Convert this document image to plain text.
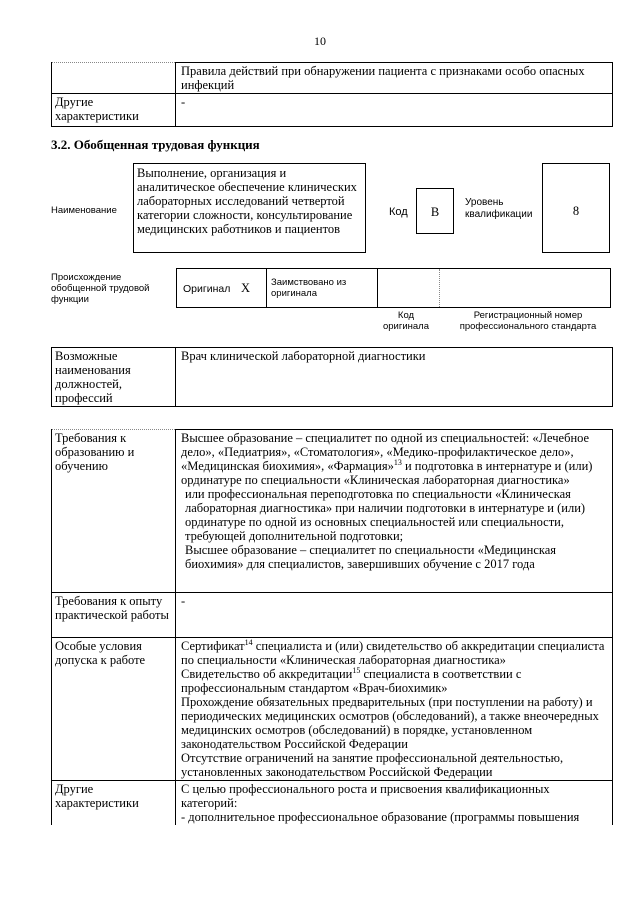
10
	Правила действий при обнаружении пациента с признаками особо опасных инфекций
Другие характеристики	-
3.2. Обобщенная трудовая функция
Наименование
Выполнение, организация и аналитическое обеспечение клинических лабораторных исследований четвертой категории сложности, консультирование медицинских работников и пациентов
Код	B
Уровень квалификации	8
Происхождение обобщенной трудовой функции
Оригинал X Заимствовано из оригинала
Код оригинала
Регистрационный номер профессионального стандарта
Возможные наименования должностей, профессий	Врач клинической лабораторной диагностики
Требования к образованию и обучению	Высшее образование – специалитет по одной из специальностей: «Лечебное дело», «Педиатрия», «Стоматология», «Медико-профилактическое дело», «Медицинская биохимия», «Фармация»$^{13}$ и подготовка в интернатуре и (или) ординатуре по специальности «Клиническая лабораторная диагностика»

или профессиональная переподготовка по специальности «Клиническая лабораторная диагностика» при наличии подготовки в интернатуре и (или) ординатуре по одной из основных специальностей или специальности, требующей дополнительной подготовки;

Высшее образование – специалитет по специальности «Медицинская биохимия» для специалистов, завершивших обучение с 2017 года

Требования к опыту практической работы	-
Особые условия допуска к работе	Сертификат$^{14}$ специалиста и (или) свидетельство об аккредитации специалиста по специальности «Клиническая лабораторная диагностика»

Свидетельство об аккредитации$^{15}$ специалиста в соответствии с профессиональным стандартом «Врач-биохимик»

Прохождение обязательных предварительных (при поступлении на работу) и периодических медицинских осмотров (обследований), а также внеочередных медицинских осмотров (обследований) в порядке, установленном законодательством Российской Федерации

Отсутствие ограничений на занятие профессиональной деятельностью, установленных законодательством Российской Федерации

Другие характеристики	С целью профессионального роста и присвоения квалификационных категорий:

- дополнительное профессиональное образование (программы повышения
